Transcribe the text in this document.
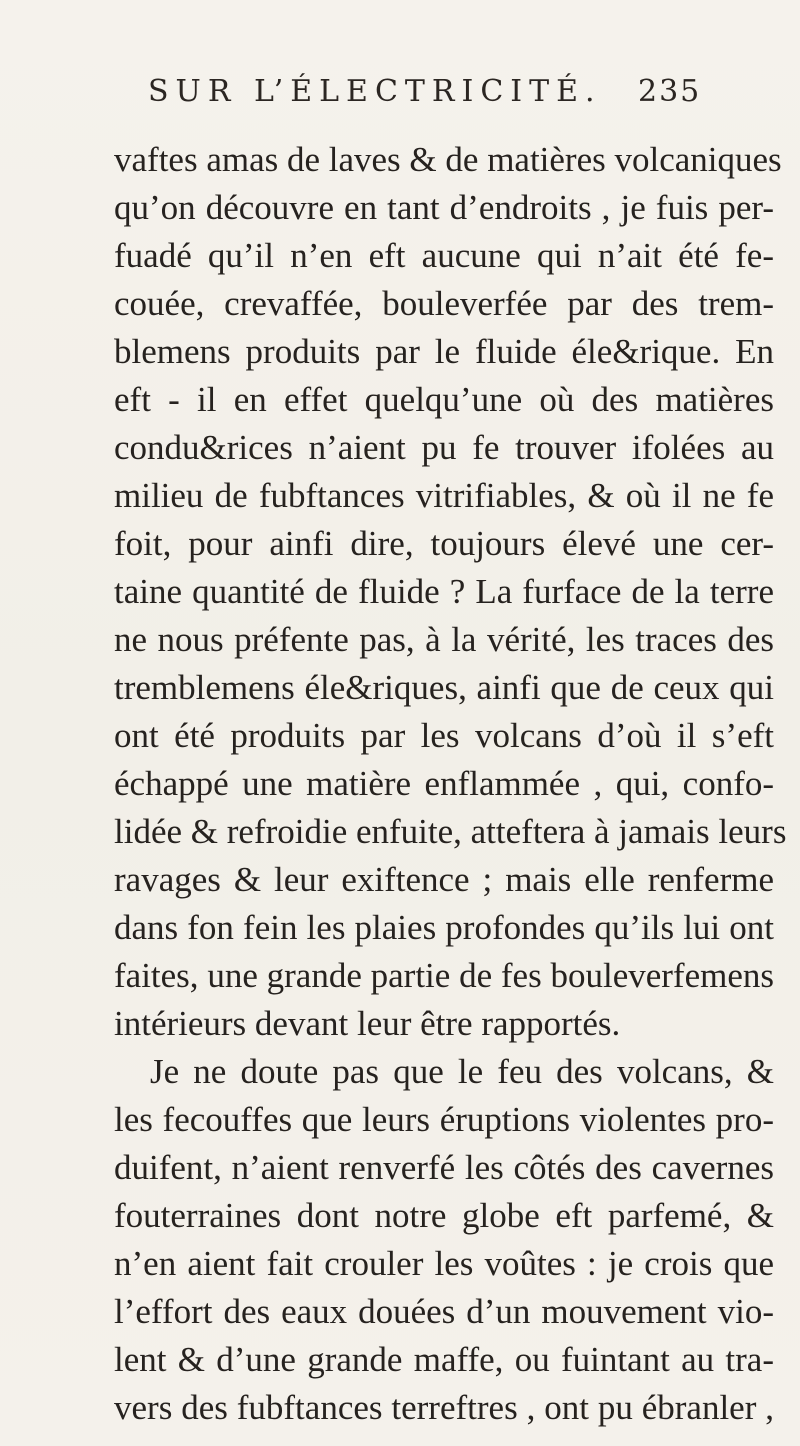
SUR L’ÉLECTRICITÉ. 235
vaftes amas de laves & de matières volcaniques
qu’on découvre en tant d’endroits , je fuis per-
fuadé qu’il n’en eft aucune qui n’ait été fe-
couée, crevaffée, bouleverfée par des trem-
blemens produits par le fluide éle&rique. En
eft - il en effet quelqu’une où des matières
condu&rices n’aient pu fe trouver ifolées au
milieu de fubftances vitrifiables, & où il ne fe
foit, pour ainfi dire, toujours élevé une cer-
taine quantité de fluide ? La furface de la terre
ne nous préfente pas, à la vérité, les traces des
tremblemens éle&riques, ainfi que de ceux qui
ont été produits par les volcans d’où il s’eft
échappé une matière enflammée , qui, confo-
lidée & refroidie enfuite, atteftera à jamais leurs
ravages & leur exiftence ; mais elle renferme
dans fon fein les plaies profondes qu’ils lui ont
faites, une grande partie de fes bouleverfemens
intérieurs devant leur être rapportés.
Je ne doute pas que le feu des volcans, &
les fecouffes que leurs éruptions violentes pro-
duifent, n’aient renverfé les côtés des cavernes
fouterraines dont notre globe eft parfemé, &
n’en aient fait crouler les voûtes : je crois que
l’effort des eaux douées d’un mouvement vio-
lent & d’une grande maffe, ou fuintant au tra-
vers des fubftances terreftres , ont pu ébranler ,
